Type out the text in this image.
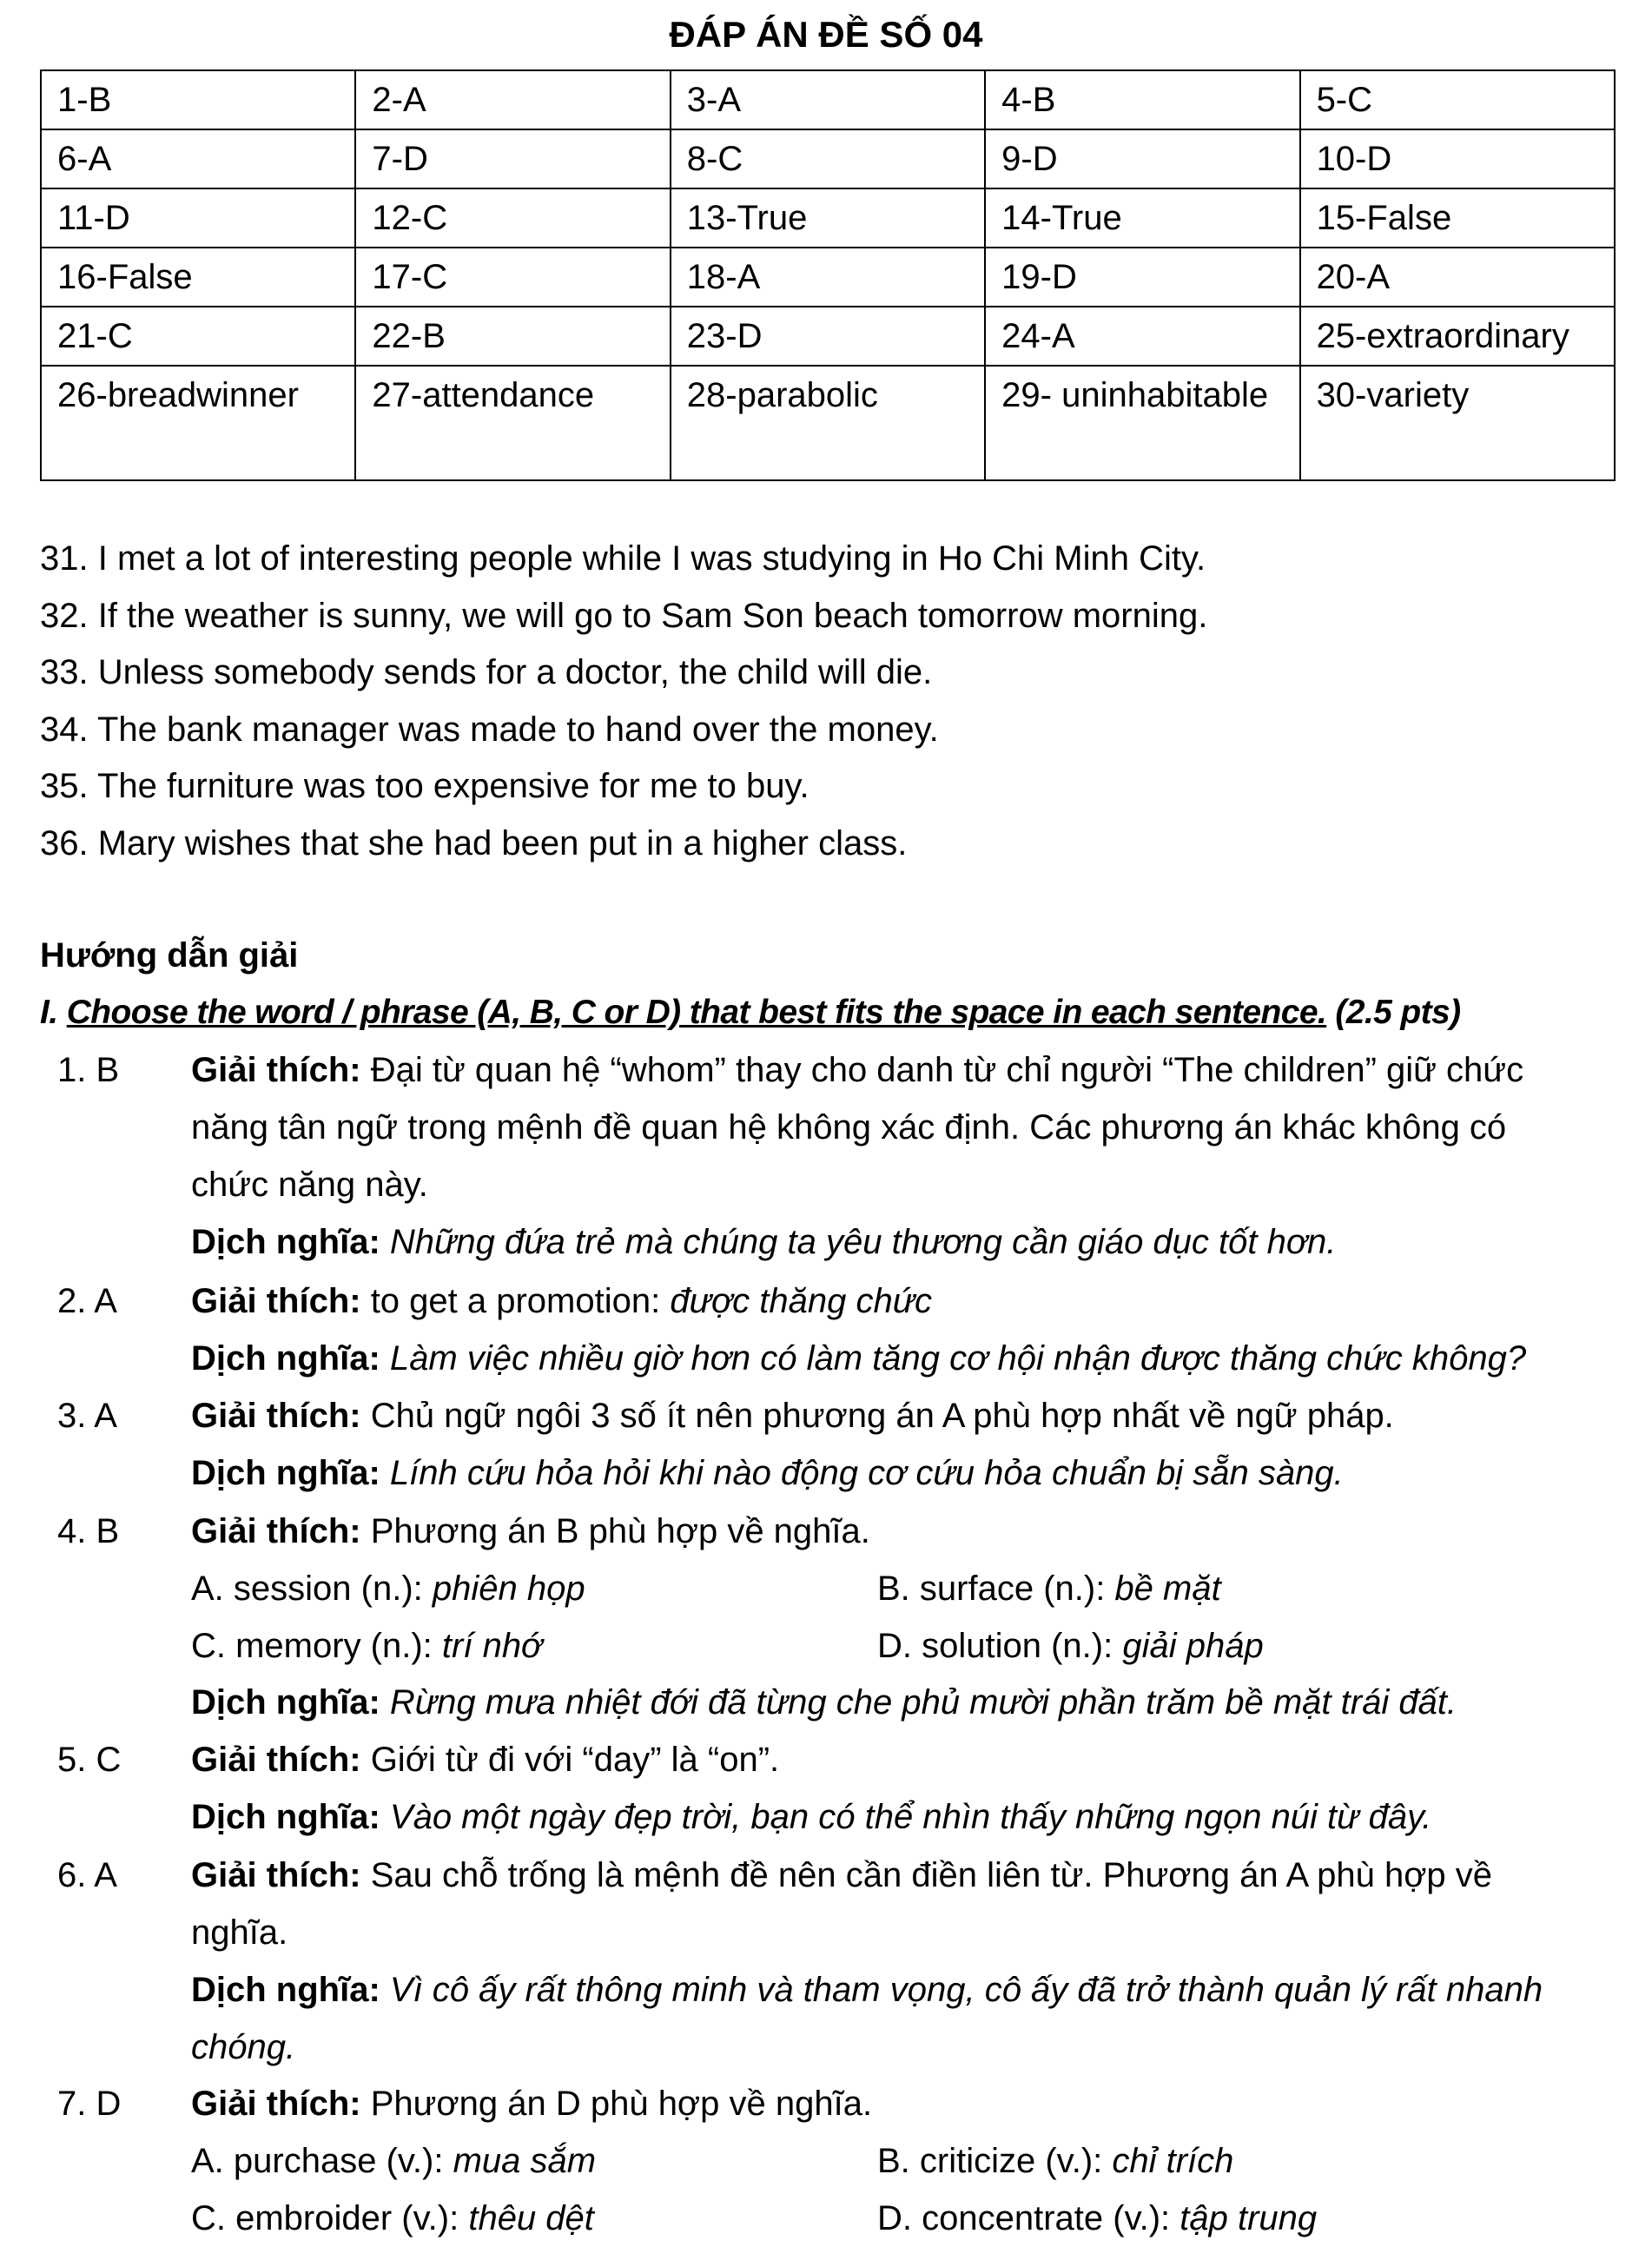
ĐÁP ÁN ĐỀ SỐ 04
1-B	2-A	3-A	4-B	5-C
6-A	7-D	8-C	9-D	10-D
11-D	12-C	13-True	14-True	15-False
16-False	17-C	18-A	19-D	20-A
21-C	22-B	23-D	24-A	25-extraordinary
26-breadwinner	27-attendance	28-parabolic	29- uninhabitable	30-variety
31. I met a lot of interesting people while I was studying in Ho Chi Minh City.
32. If the weather is sunny, we will go to Sam Son beach tomorrow morning.
33. Unless somebody sends for a doctor, the child will die.
34. The bank manager was made to hand over the money.
35. The furniture was too expensive for me to buy.
36. Mary wishes that she had been put in a higher class.
Hướng dẫn giải
I. Choose the word / phrase (A, B, C or D) that best fits the space in each sentence. (2.5 pts)
1. B Giải thích: Đại từ quan hệ “whom” thay cho danh từ chỉ người “The children” giữ chức năng tân ngữ trong mệnh đề quan hệ không xác định. Các phương án khác không có chức năng này.
Dịch nghĩa: Những đứa trẻ mà chúng ta yêu thương cần giáo dục tốt hơn.
2. A Giải thích: to get a promotion: được thăng chức
Dịch nghĩa: Làm việc nhiều giờ hơn có làm tăng cơ hội nhận được thăng chức không?
3. A Giải thích: Chủ ngữ ngôi 3 số ít nên phương án A phù hợp nhất về ngữ pháp.
Dịch nghĩa: Lính cứu hỏa hỏi khi nào động cơ cứu hỏa chuẩn bị sẵn sàng.
4. B Giải thích: Phương án B phù hợp về nghĩa.
A. session (n.): phiên họp	B. surface (n.): bề mặt
C. memory (n.): trí nhớ	D. solution (n.): giải pháp
Dịch nghĩa: Rừng mưa nhiệt đới đã từng che phủ mười phần trăm bề mặt trái đất.
5. C Giải thích: Giới từ đi với “day” là “on”.
Dịch nghĩa: Vào một ngày đẹp trời, bạn có thể nhìn thấy những ngọn núi từ đây.
6. A Giải thích: Sau chỗ trống là mệnh đề nên cần điền liên từ. Phương án A phù hợp về nghĩa.
Dịch nghĩa: Vì cô ấy rất thông minh và tham vọng, cô ấy đã trở thành quản lý rất nhanh chóng.
7. D Giải thích: Phương án D phù hợp về nghĩa.
A. purchase (v.): mua sắm	B. criticize (v.): chỉ trích
C. embroider (v.): thêu dệt	D. concentrate (v.): tập trung
